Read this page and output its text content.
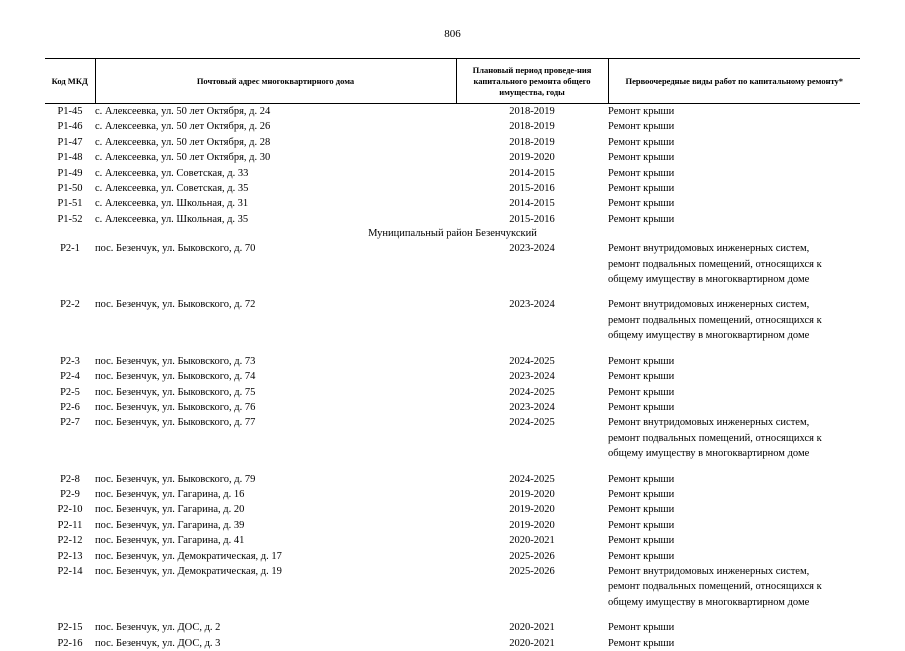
806
Код МКД	Почтовый адрес многоквартирного дома	Плановый период проведе-ния капитального ремонта общего имущества, годы	Первоочередные виды работ по капитальному ремонту*
Р1-45	с. Алексеевка, ул. 50 лет Октября, д. 24	2018-2019	Ремонт крыши

Р1-46	с. Алексеевка, ул. 50 лет Октября, д. 26	2018-2019	Ремонт крыши

Р1-47	с. Алексеевка, ул. 50 лет Октября, д. 28	2018-2019	Ремонт крыши

Р1-48	с. Алексеевка, ул. 50 лет Октября, д. 30	2019-2020	Ремонт крыши

Р1-49	с. Алексеевка, ул. Советская, д. 33	2014-2015	Ремонт крыши

Р1-50	с. Алексеевка, ул. Советская, д. 35	2015-2016	Ремонт крыши

Р1-51	с. Алексеевка, ул. Школьная, д. 31	2014-2015	Ремонт крыши

Р1-52	с. Алексеевка, ул. Школьная, д. 35	2015-2016	Ремонт крыши

Муниципальный район Безенчукский			
Р2-1	пос. Безенчук, ул. Быковского, д. 70	2023-2024	Ремонт внутридомовых инженерных систем,
ремонт подвальных помещений, относящихся к
общему имуществу в многоквартирном доме

Р2-2	пос. Безенчук, ул. Быковского, д. 72	2023-2024	Ремонт внутридомовых инженерных систем,
ремонт подвальных помещений, относящихся к
общему имуществу в многоквартирном доме

Р2-3	пос. Безенчук, ул. Быковского, д. 73	2024-2025	Ремонт крыши

Р2-4	пос. Безенчук, ул. Быковского, д. 74	2023-2024	Ремонт крыши

Р2-5	пос. Безенчук, ул. Быковского, д. 75	2024-2025	Ремонт крыши

Р2-6	пос. Безенчук, ул. Быковского, д. 76	2023-2024	Ремонт крыши

Р2-7	пос. Безенчук, ул. Быковского, д. 77	2024-2025	Ремонт внутридомовых инженерных систем,
ремонт подвальных помещений, относящихся к
общему имуществу в многоквартирном доме

Р2-8	пос. Безенчук, ул. Быковского, д. 79	2024-2025	Ремонт крыши

Р2-9	пос. Безенчук, ул. Гагарина, д. 16	2019-2020	Ремонт крыши

Р2-10	пос. Безенчук, ул. Гагарина, д. 20	2019-2020	Ремонт крыши

Р2-11	пос. Безенчук, ул. Гагарина, д. 39	2019-2020	Ремонт крыши

Р2-12	пос. Безенчук, ул. Гагарина, д. 41	2020-2021	Ремонт крыши

Р2-13	пос. Безенчук, ул. Демократическая, д. 17	2025-2026	Ремонт крыши

Р2-14	пос. Безенчук, ул. Демократическая, д. 19	2025-2026	Ремонт внутридомовых инженерных систем,
ремонт подвальных помещений, относящихся к
общему имуществу в многоквартирном доме

Р2-15	пос. Безенчук, ул. ДОС, д. 2	2020-2021	Ремонт крыши

Р2-16	пос. Безенчук, ул. ДОС, д. 3	2020-2021	Ремонт крыши
